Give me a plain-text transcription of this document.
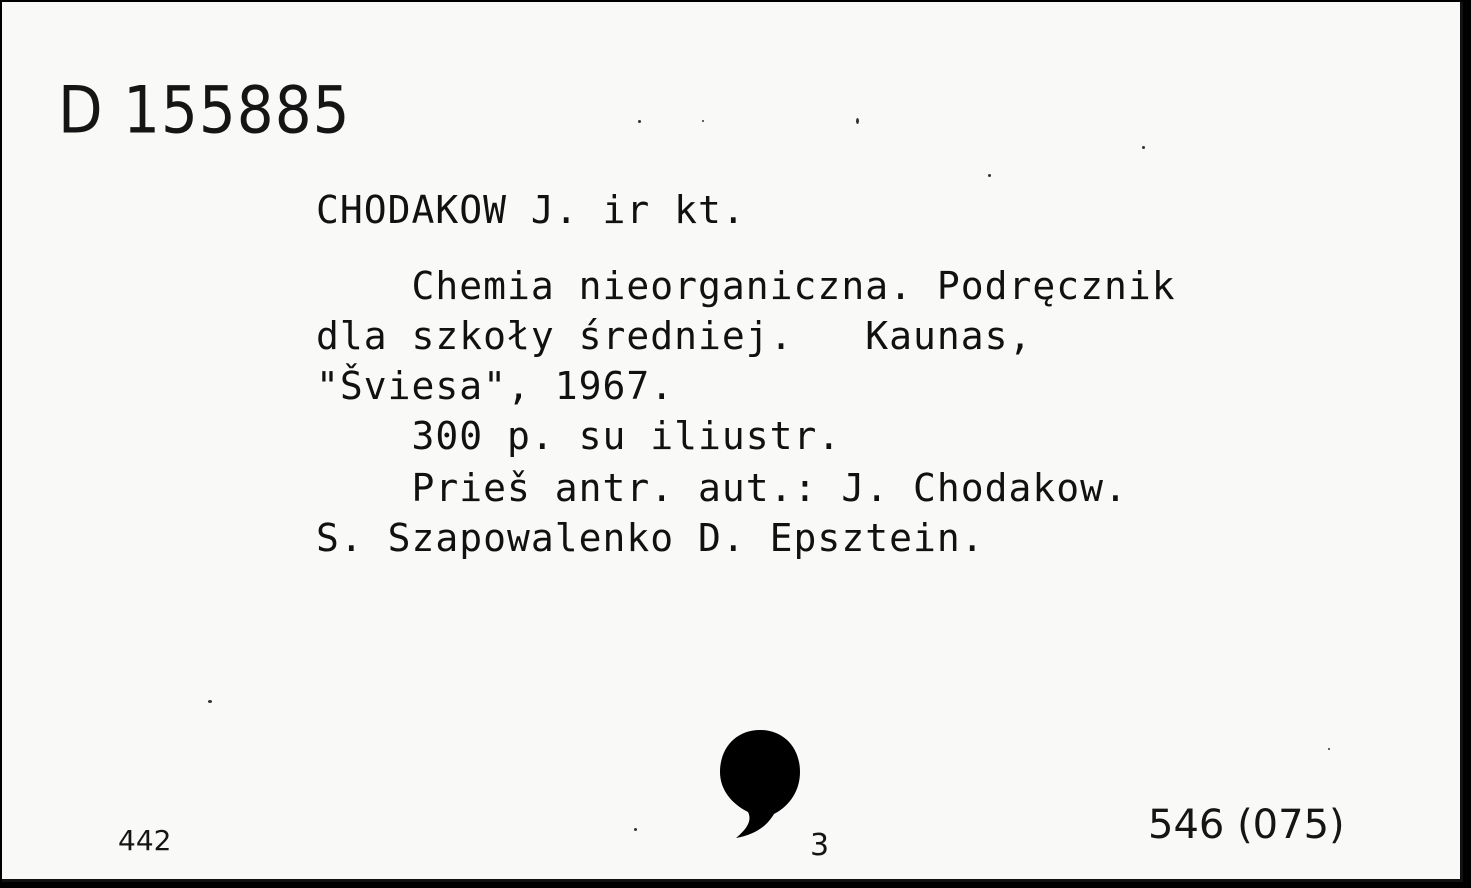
D 155885
CHODAKOW J. ir kt.
Chemia nieorganiczna. Podręcznik
dla szkoły średniej.   Kaunas,
"Šviesa", 1967.
300 p. su iliustr.
Prieš antr. aut.: J. Chodakow.
S. Szapowalenko D. Epsztein.
442	3	546 (075)
